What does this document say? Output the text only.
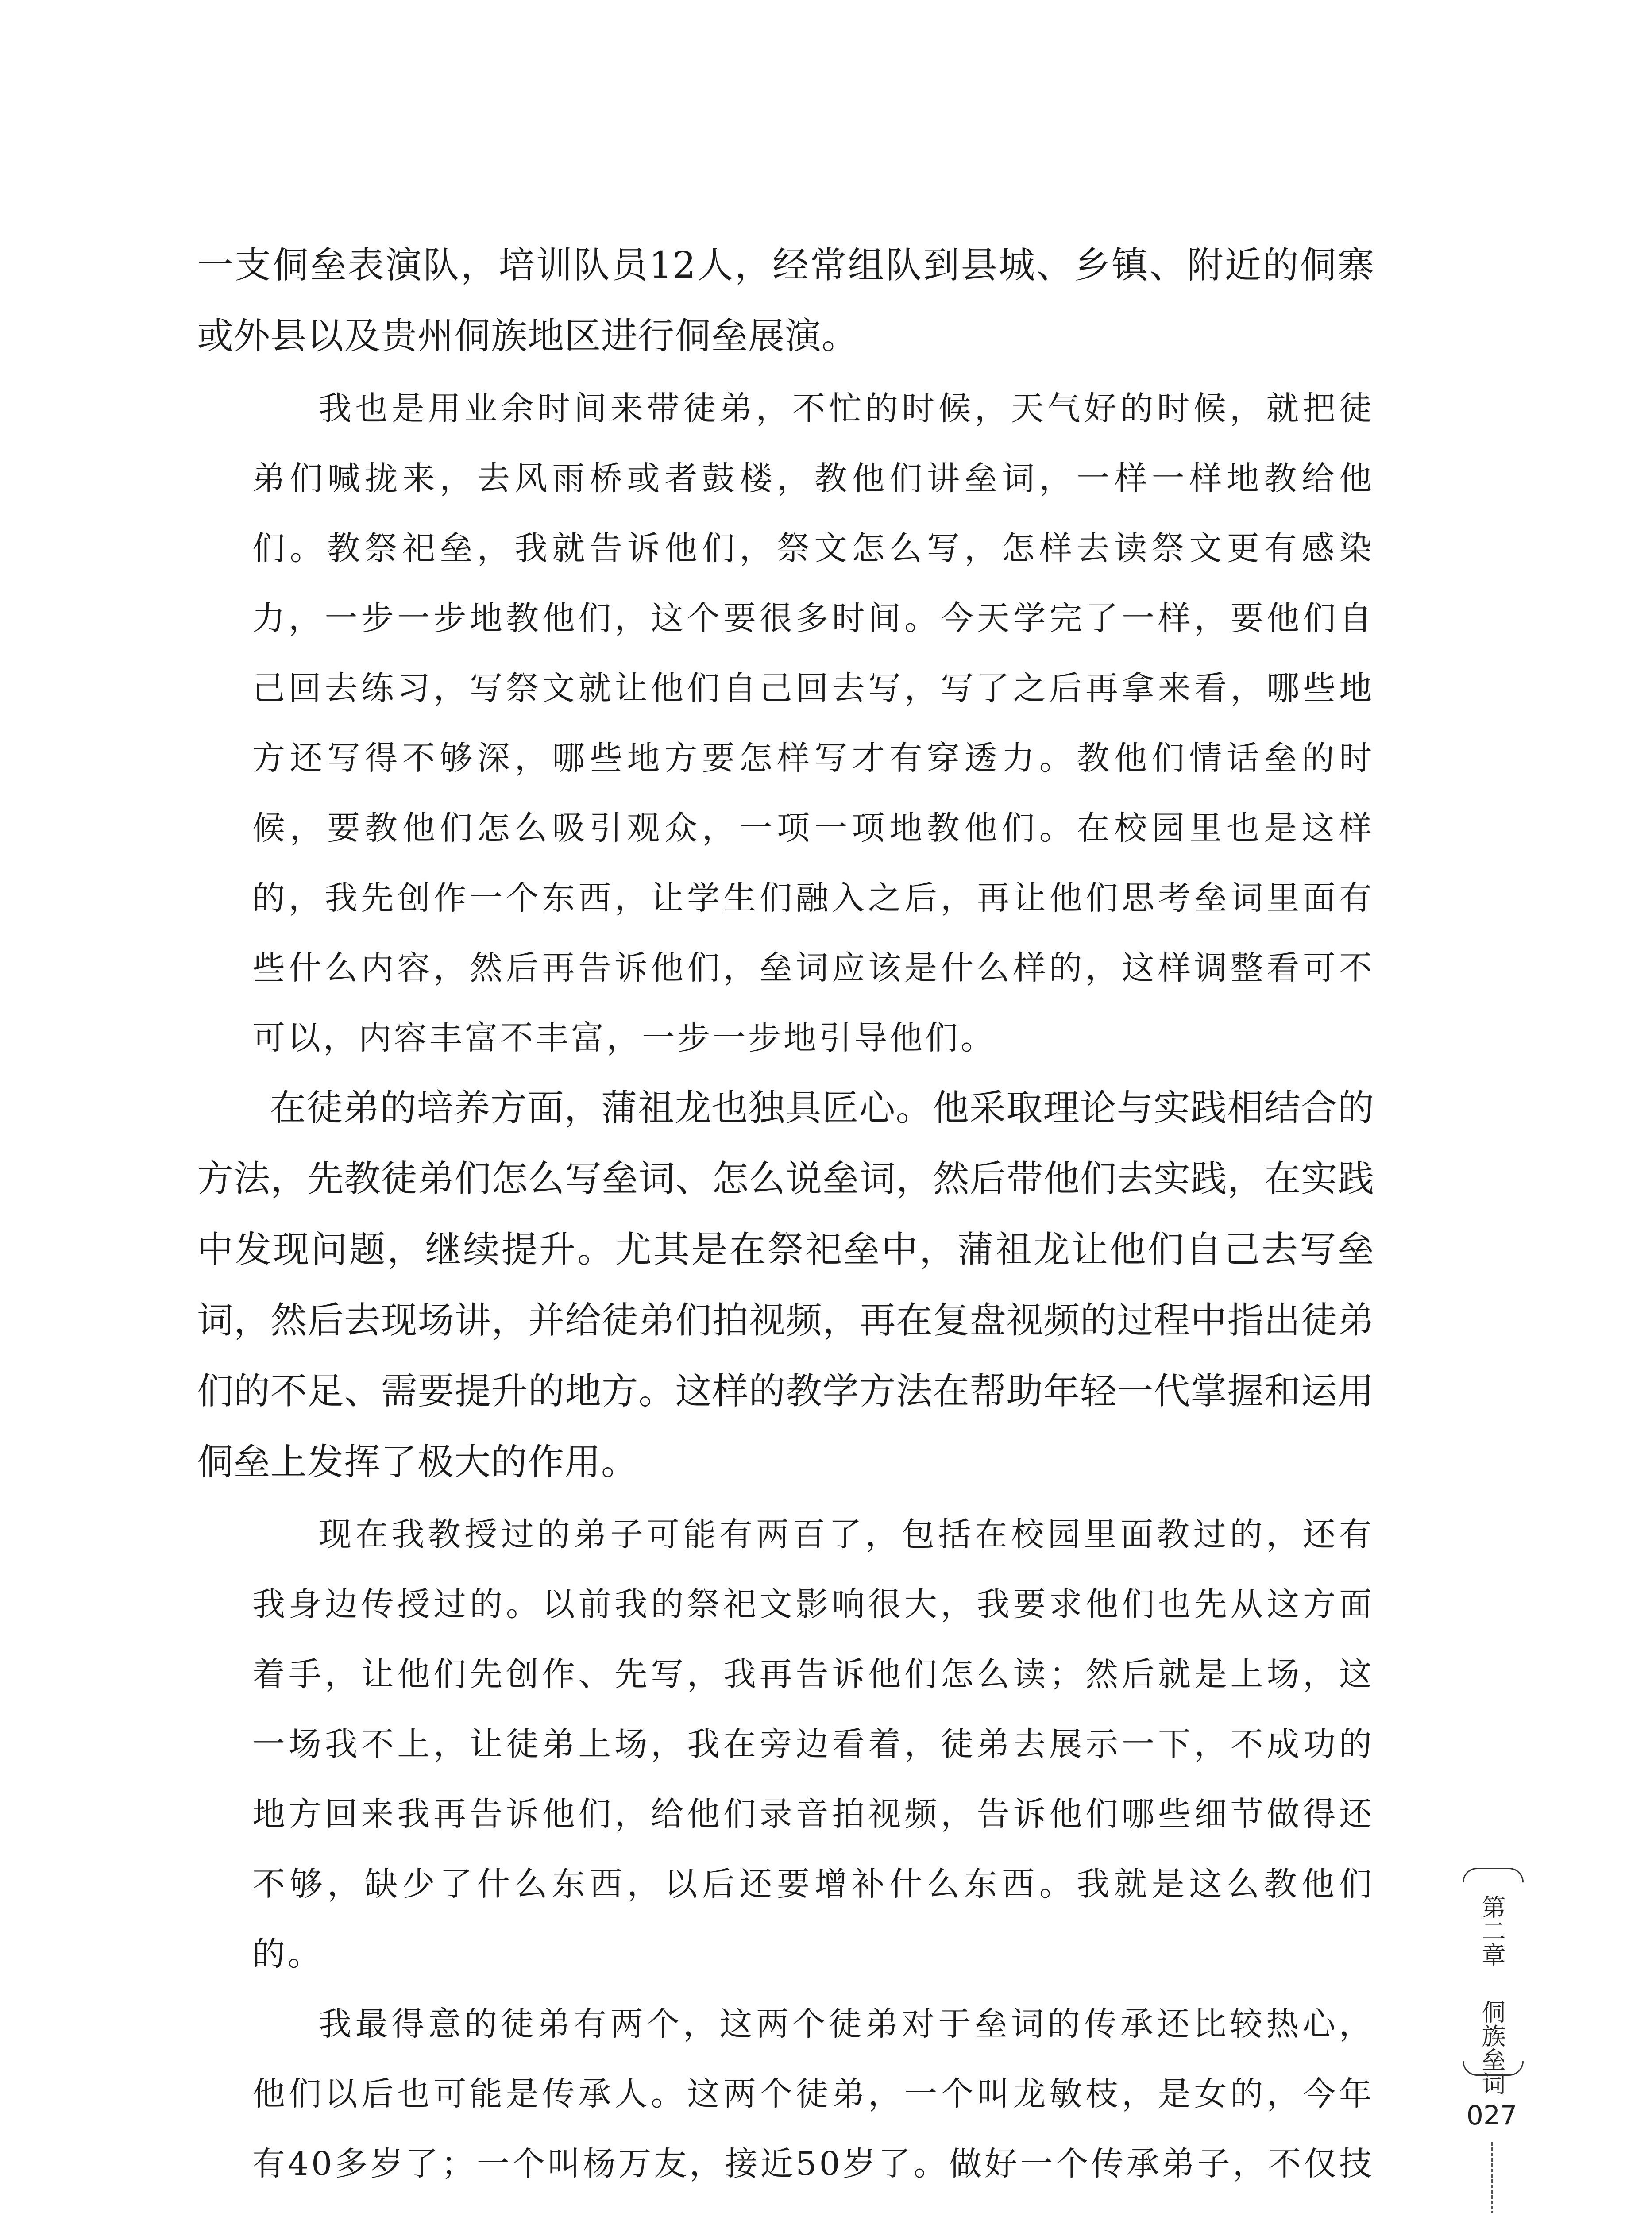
一支侗垒表演队，培训队员12人，经常组队到县城、乡镇、附近的侗寨或外县以及贵州侗族地区进行侗垒展演。

我也是用业余时间来带徒弟，不忙的时候，天气好的时候，就把徒弟们喊拢来，去风雨桥或者鼓楼，教他们讲垒词，一样一样地教给他们。教祭祀垒，我就告诉他们，祭文怎么写，怎样去读祭文更有感染力，一步一步地教他们，这个要很多时间。今天学完了一样，要他们自己回去练习，写祭文就让他们自己回去写，写了之后再拿来看，哪些地方还写得不够深，哪些地方要怎样写才有穿透力。教他们情话垒的时候，要教他们怎么吸引观众，一项一项地教他们。在校园里也是这样的，我先创作一个东西，让学生们融入之后，再让他们思考垒词里面有些什么内容，然后再告诉他们，垒词应该是什么样的，这样调整看可不可以，内容丰富不丰富，一步一步地引导他们。

在徒弟的培养方面，蒲祖龙也独具匠心。他采取理论与实践相结合的方法，先教徒弟们怎么写垒词、怎么说垒词，然后带他们去实践，在实践中发现问题，继续提升。尤其是在祭祀垒中，蒲祖龙让他们自己去写垒词，然后去现场讲，并给徒弟们拍视频，再在复盘视频的过程中指出徒弟们的不足、需要提升的地方。这样的教学方法在帮助年轻一代掌握和运用侗垒上发挥了极大的作用。

现在我教授过的弟子可能有两百了，包括在校园里面教过的，还有我身边传授过的。以前我的祭祀文影响很大，我要求他们也先从这方面着手，让他们先创作、先写，我再告诉他们怎么读；然后就是上场，这一场我不上，让徒弟上场，我在旁边看着，徒弟去展示一下，不成功的地方回来我再告诉他们，给他们录音拍视频，告诉他们哪些细节做得还不够，缺少了什么东西，以后还要增补什么东西。我就是这么教他们的。

我最得意的徒弟有两个，这两个徒弟对于垒词的传承还比较热心，他们以后也可能是传承人。这两个徒弟，一个叫龙敏枝，是女的，今年有40多岁了；一个叫杨万友，接近50岁了。做好一个传承弟子，不仅技

第二章
侗族垒词
027
